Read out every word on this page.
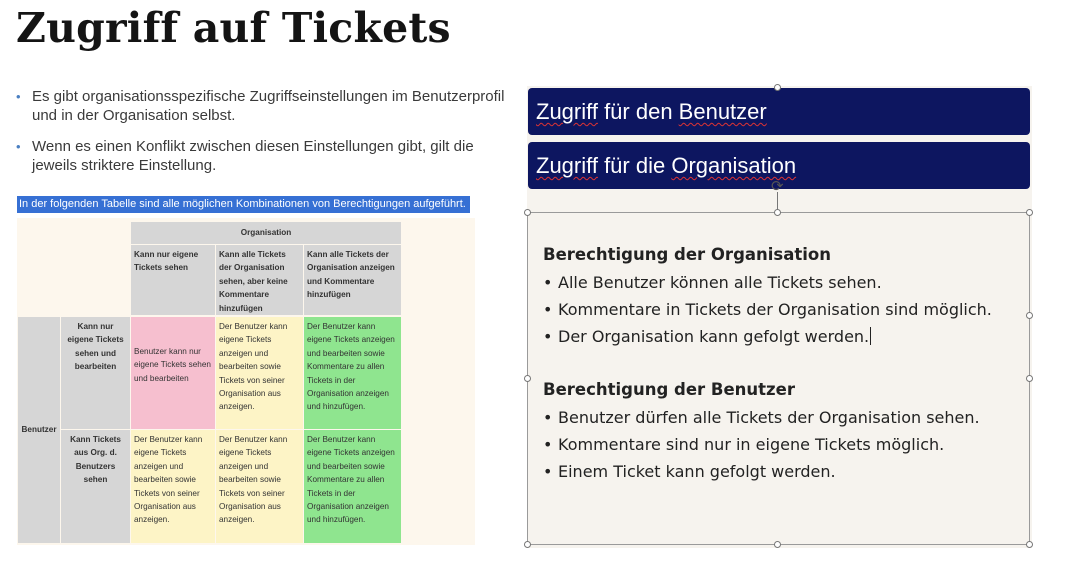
Zugriff auf Tickets
• Es gibt organisationsspezifische Zugriffseinstellungen im Benutzerprofil und in der Organisation selbst.
• Wenn es einen Konflikt zwischen diesen Einstellungen gibt, gilt die jeweils striktere Einstellung.
In der folgenden Tabelle sind alle möglichen Kombinationen von Berechtigungen aufgeführt.
Organisation
Kann nur eigene Tickets sehen
Kann alle Tickets der Organisation sehen, aber keine Kommentare hinzufügen
Kann alle Tickets der Organisation anzeigen und Kommentare hinzufügen
Benutzer
Kann nur eigene Tickets sehen und bearbeiten
Kann Tickets aus Org. d. Benutzers sehen
Benutzer kann nur eigene Tickets sehen und bearbeiten
Der Benutzer kann eigene Tickets anzeigen und bearbeiten sowie Tickets von seiner Organisation aus anzeigen.
Der Benutzer kann eigene Tickets anzeigen und bearbeiten sowie Kommentare zu allen Tickets in der Organisation anzeigen und hinzufügen.
Der Benutzer kann eigene Tickets anzeigen und bearbeiten sowie Tickets von seiner Organisation aus anzeigen.
Der Benutzer kann eigene Tickets anzeigen und bearbeiten sowie Tickets von seiner Organisation aus anzeigen.
Der Benutzer kann eigene Tickets anzeigen und bearbeiten sowie Kommentare zu allen Tickets in der Organisation anzeigen und hinzufügen.
Zugriff für den Benutzer
Zugriff für die Organisation
⟳
Berechtigung der Organisation
• Alle Benutzer können alle Tickets sehen.
• Kommentare in Tickets der Organisation sind möglich.
• Der Organisation kann gefolgt werden.
Berechtigung der Benutzer
• Benutzer dürfen alle Tickets der Organisation sehen.
• Kommentare sind nur in eigene Tickets möglich.
• Einem Ticket kann gefolgt werden.
